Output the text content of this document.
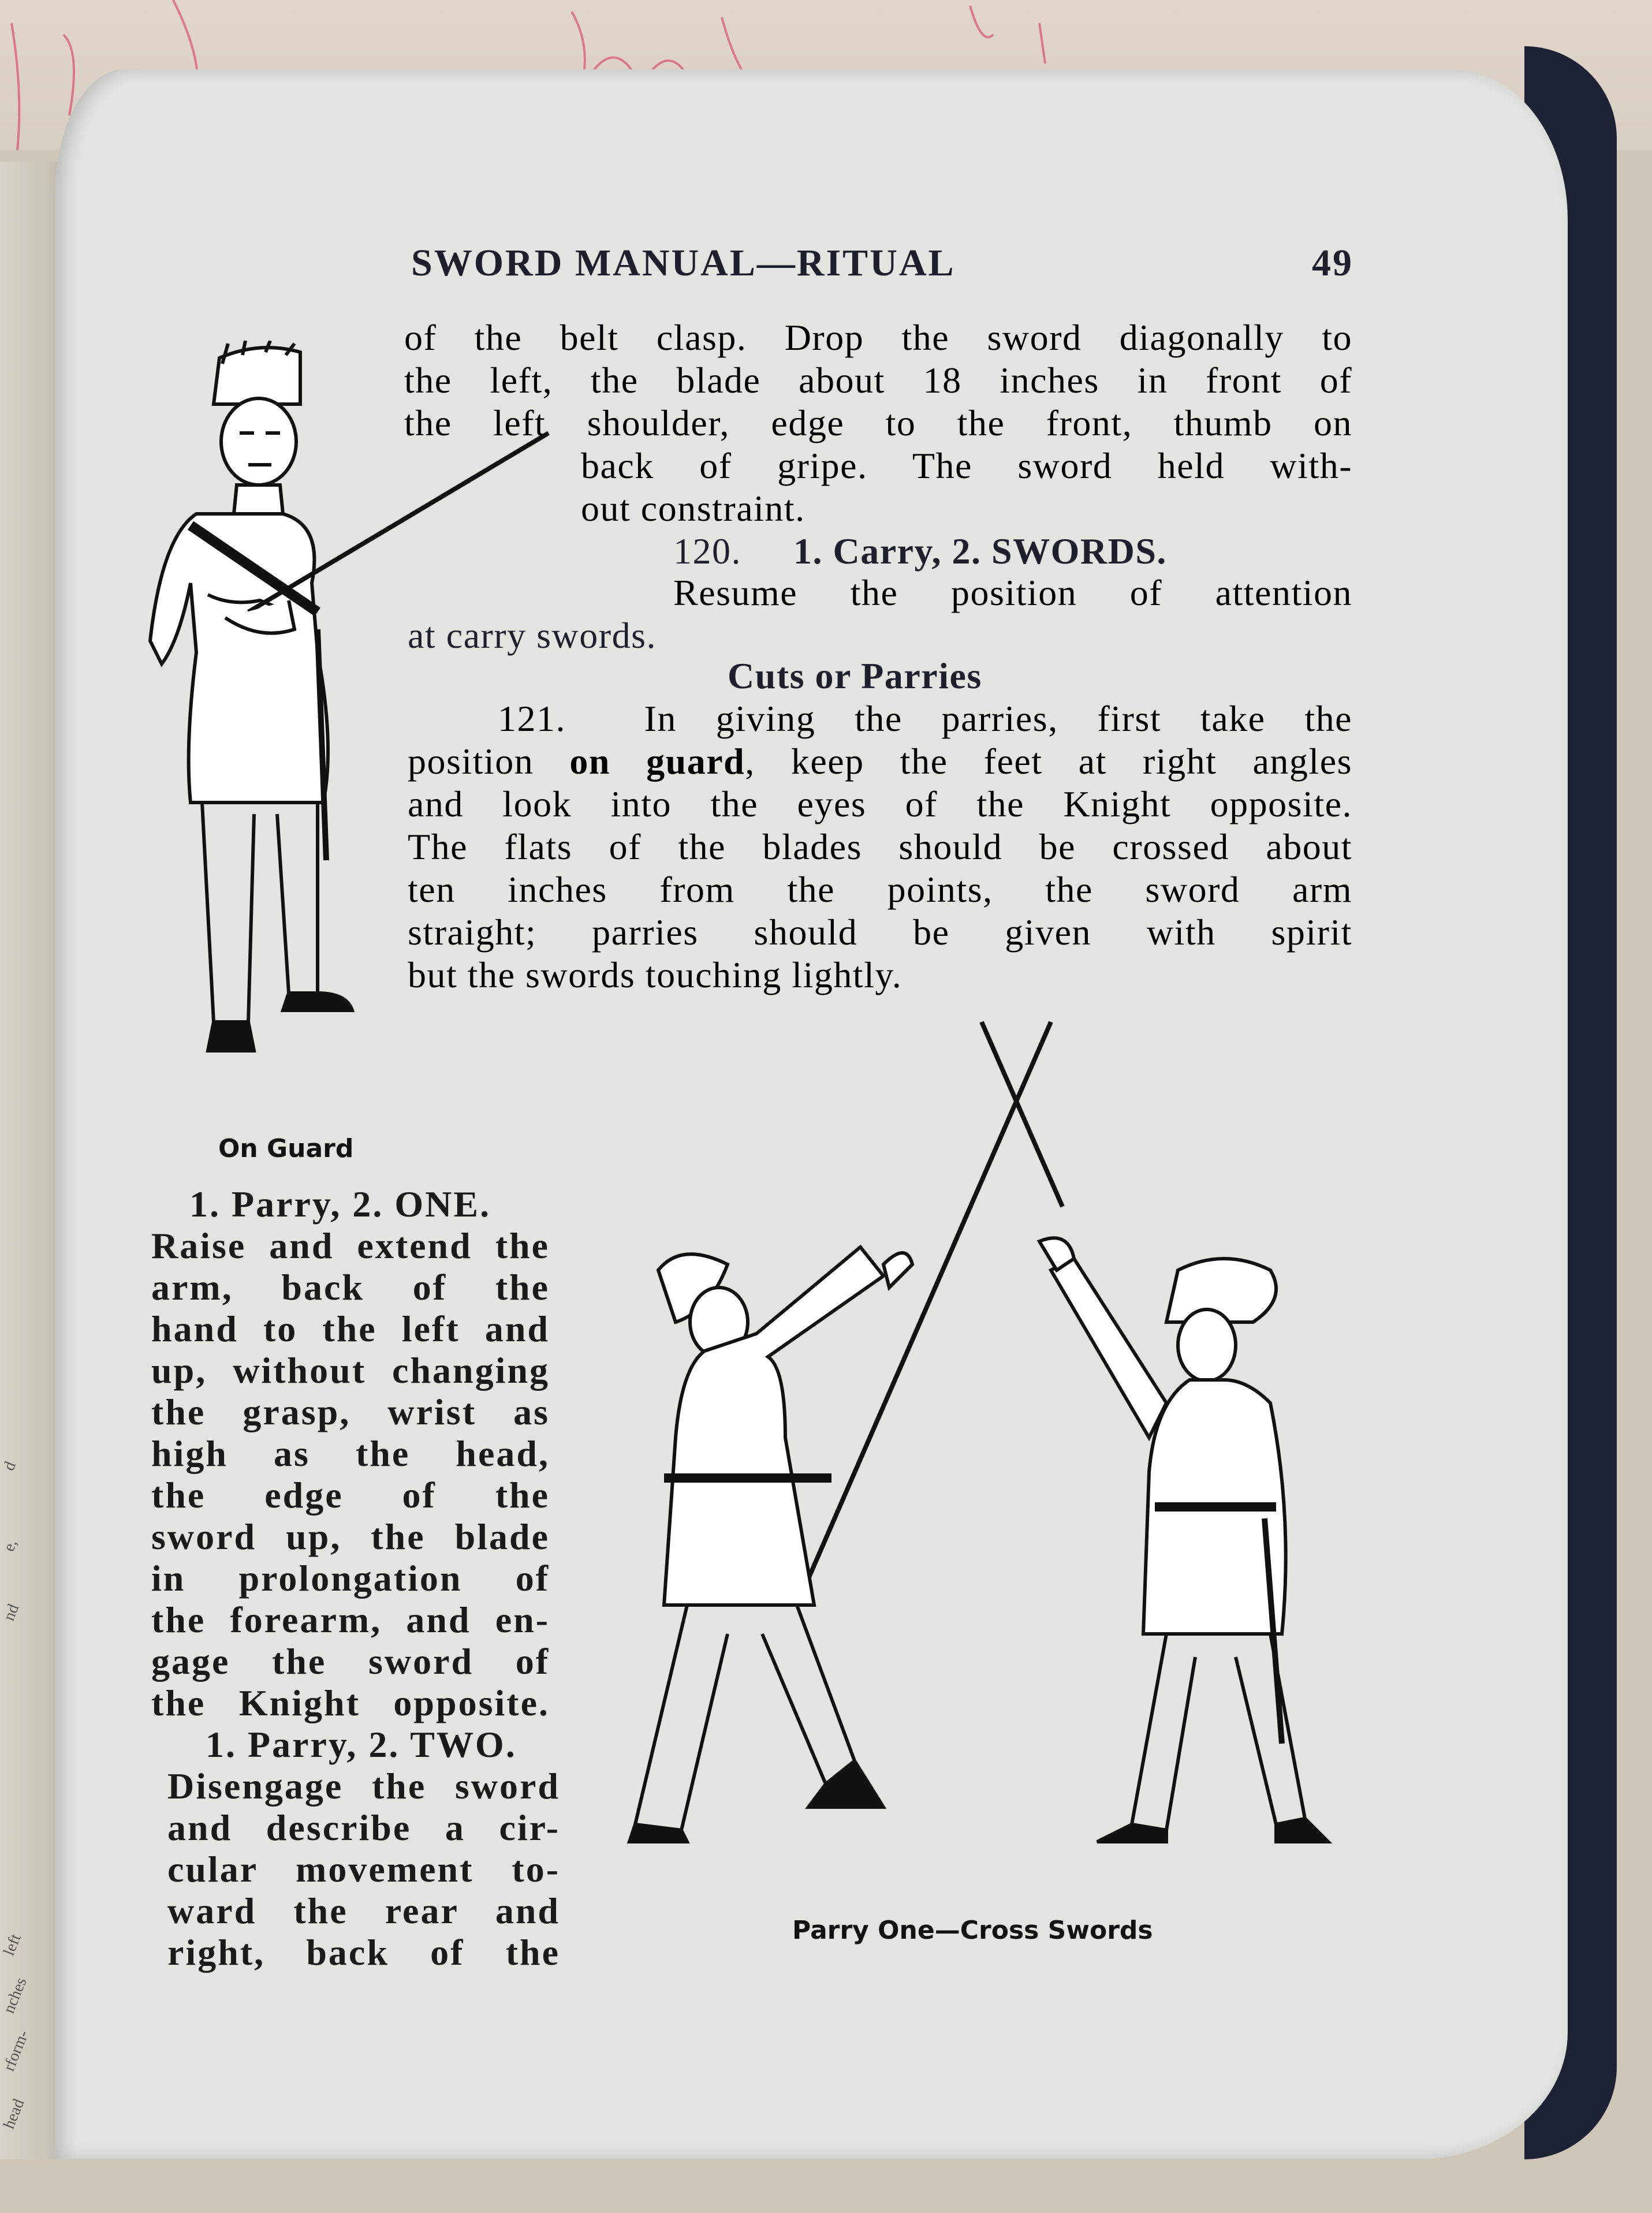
d
e,
nd
left
nches
rform-
head
SWORD MANUAL—RITUAL	49
of the belt clasp. Drop the sword diagonally to
the left, the blade about 18 inches in front of
the left shoulder, edge to the front, thumb on
back of gripe. The sword held with-
out constraint.
120. 1. Carry, 2. SWORDS.
Resume the position of attention
at carry swords.
Cuts or Parries
121. In giving the parries, first take the
position on guard, keep the feet at right angles
and look into the eyes of the Knight opposite.
The flats of the blades should be crossed about
ten inches from the points, the sword arm
straight; parries should be given with spirit
but the swords touching lightly.
On Guard
1. Parry, 2. ONE.
Raise and extend the
arm, back of the
hand to the left and
up, without changing
the grasp, wrist as
high as the head,
the edge of the
sword up, the blade
in prolongation of
the forearm, and en-
gage the sword of
the Knight opposite.
1. Parry, 2. TWO.
Disengage the sword
and describe a cir-
cular movement to-
ward the rear and
right, back of the
Parry One—Cross Swords
